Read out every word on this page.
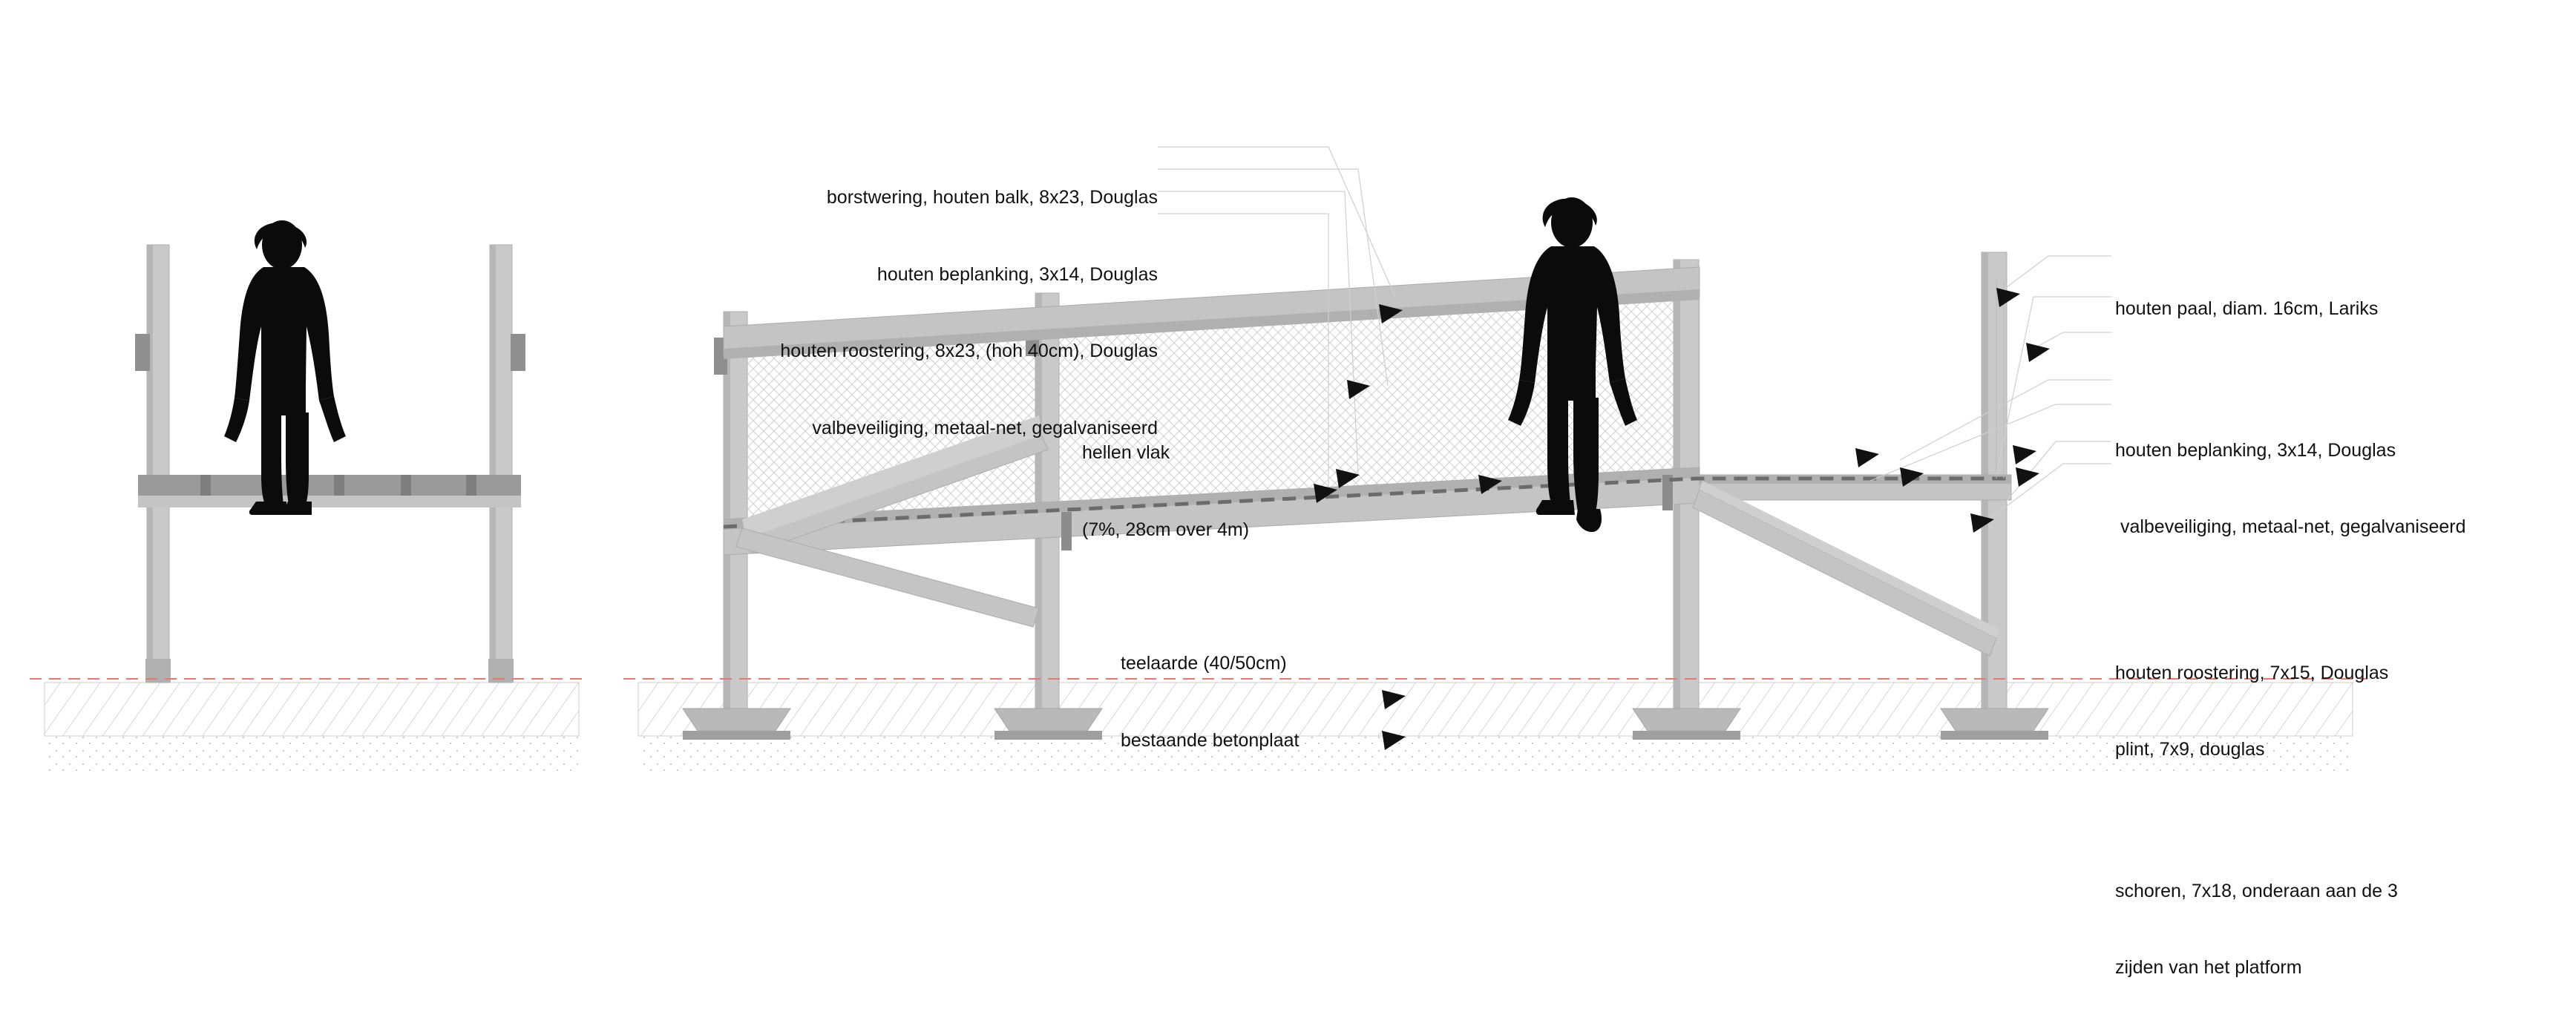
borstwering, houten balk, 8x23, Douglas

houten beplanking, 3x14, Douglas

houten roostering, 8x23, (hoh 40cm), Douglas

valbeveiliging, metaal-net, gegalvaniseerd

houten paal, diam. 16cm, Lariks

houten beplanking, 3x14, Douglas

valbeveiliging, metaal-net, gegalvaniseerd

houten roostering, 7x15, Douglas

plint, 7x9, douglas

schoren, 7x18, onderaan aan de 3

zijden van het platform

hellen vlak

(7%, 28cm over 4m)

teelaarde (40/50cm)

bestaande betonplaat
